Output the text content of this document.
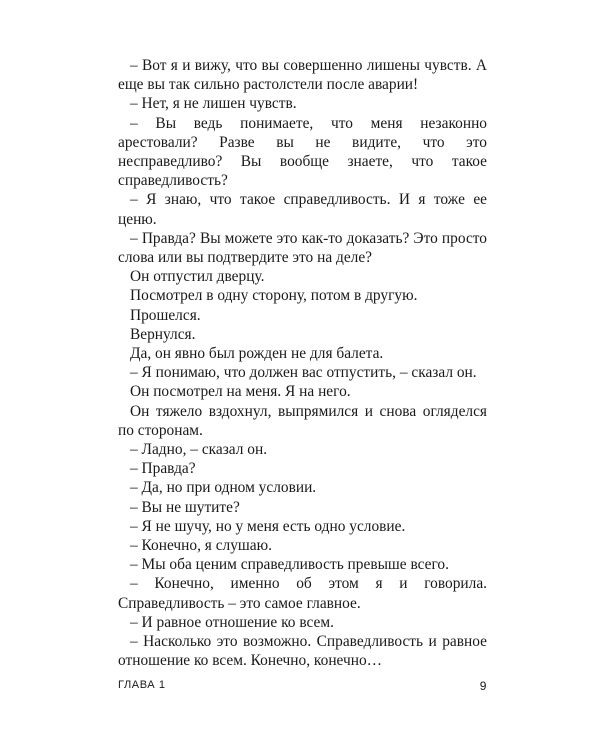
– Вот я и вижу, что вы совершенно лишены чувств. А еще вы так сильно растолстели после аварии!

– Нет, я не лишен чувств.

– Вы ведь понимаете, что меня незаконно арестовали? Разве вы не видите, что это несправедливо? Вы вообще знаете, что такое справедливость?

– Я знаю, что такое справедливость. И я тоже ее ценю.

– Правда? Вы можете это как-то доказать? Это просто слова или вы подтвердите это на деле?

Он отпустил дверцу.

Посмотрел в одну сторону, потом в другую.

Прошелся.

Вернулся.

Да, он явно был рожден не для балета.

– Я понимаю, что должен вас отпустить, – сказал он.

Он посмотрел на меня. Я на него.

Он тяжело вздохнул, выпрямился и снова огляделся по сторонам.

– Ладно, – сказал он.

– Правда?

– Да, но при одном условии.

– Вы не шутите?

– Я не шучу, но у меня есть одно условие.

– Конечно, я слушаю.

– Мы оба ценим справедливость превыше всего.

– Конечно, именно об этом я и говорила. Справедливость – это самое главное.

– И равное отношение ко всем.

– Насколько это возможно. Справедливость и равное отношение ко всем. Конечно, конечно…

ГЛАВА 1	9
